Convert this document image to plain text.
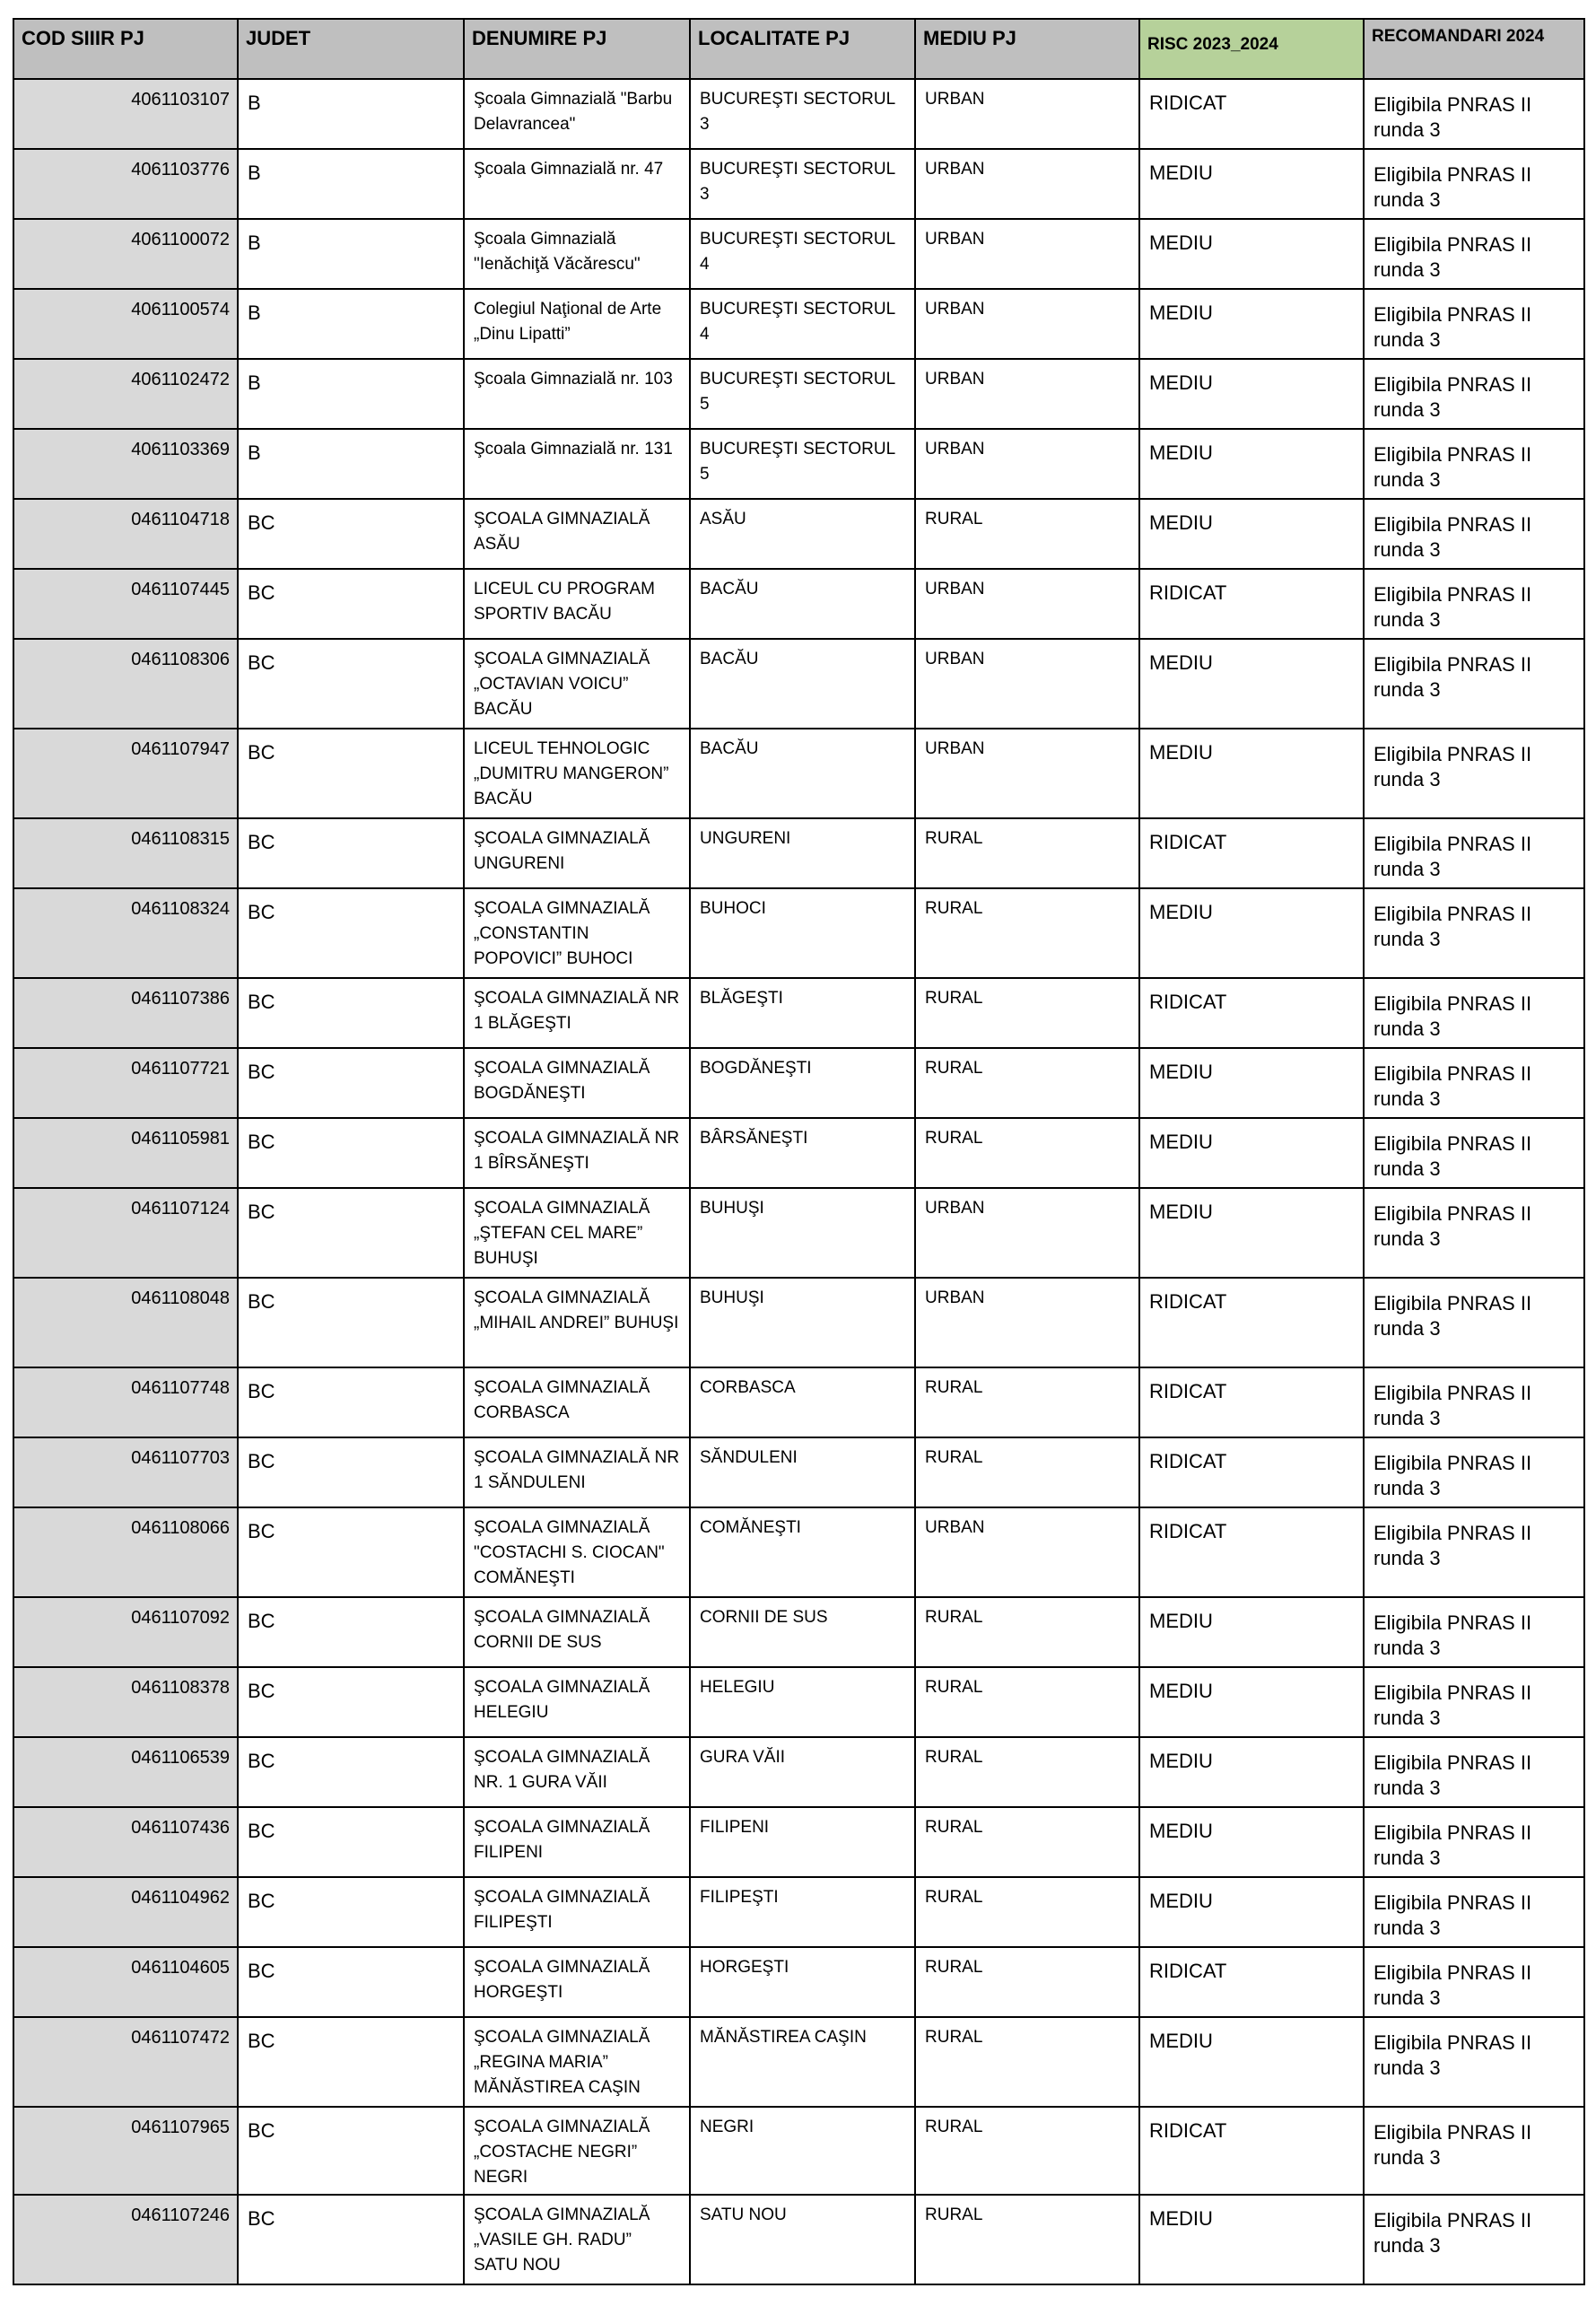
COD SIIIR PJ	JUDET	DENUMIRE PJ	LOCALITATE PJ	MEDIU PJ	RISC 2023_2024	RECOMANDARI 2024
4061103107	B	Şcoala Gimnazială "Barbu Delavrancea"	BUCUREŞTI SECTORUL 3	URBAN	RIDICAT	Eligibila PNRAS II runda 3
4061103776	B	Şcoala Gimnazială nr. 47	BUCUREŞTI SECTORUL 3	URBAN	MEDIU	Eligibila PNRAS II runda 3
4061100072	B	Şcoala Gimnazială "Ienăchiţă Văcărescu"	BUCUREŞTI SECTORUL 4	URBAN	MEDIU	Eligibila PNRAS II runda 3
4061100574	B	Colegiul Naţional de Arte „Dinu Lipatti”	BUCUREŞTI SECTORUL 4	URBAN	MEDIU	Eligibila PNRAS II runda 3
4061102472	B	Şcoala Gimnazială nr. 103	BUCUREŞTI SECTORUL 5	URBAN	MEDIU	Eligibila PNRAS II runda 3
4061103369	B	Şcoala Gimnazială nr. 131	BUCUREŞTI SECTORUL 5	URBAN	MEDIU	Eligibila PNRAS II runda 3
0461104718	BC	ŞCOALA GIMNAZIALĂ ASĂU	ASĂU	RURAL	MEDIU	Eligibila PNRAS II runda 3
0461107445	BC	LICEUL CU PROGRAM SPORTIV BACĂU	BACĂU	URBAN	RIDICAT	Eligibila PNRAS II runda 3
0461108306	BC	ŞCOALA GIMNAZIALĂ „OCTAVIAN VOICU” BACĂU	BACĂU	URBAN	MEDIU	Eligibila PNRAS II runda 3
0461107947	BC	LICEUL TEHNOLOGIC „DUMITRU MANGERON” BACĂU	BACĂU	URBAN	MEDIU	Eligibila PNRAS II runda 3
0461108315	BC	ŞCOALA GIMNAZIALĂ UNGURENI	UNGURENI	RURAL	RIDICAT	Eligibila PNRAS II runda 3
0461108324	BC	ŞCOALA GIMNAZIALĂ „CONSTANTIN POPOVICI” BUHOCI	BUHOCI	RURAL	MEDIU	Eligibila PNRAS II runda 3
0461107386	BC	ŞCOALA GIMNAZIALĂ NR 1 BLĂGEŞTI	BLĂGEŞTI	RURAL	RIDICAT	Eligibila PNRAS II runda 3
0461107721	BC	ŞCOALA GIMNAZIALĂ BOGDĂNEŞTI	BOGDĂNEŞTI	RURAL	MEDIU	Eligibila PNRAS II runda 3
0461105981	BC	ŞCOALA GIMNAZIALĂ NR 1 BÎRSĂNEŞTI	BÂRSĂNEŞTI	RURAL	MEDIU	Eligibila PNRAS II runda 3
0461107124	BC	ŞCOALA GIMNAZIALĂ „ŞTEFAN CEL MARE” BUHUŞI	BUHUŞI	URBAN	MEDIU	Eligibila PNRAS II runda 3
0461108048	BC	ŞCOALA GIMNAZIALĂ „MIHAIL ANDREI” BUHUŞI	BUHUŞI	URBAN	RIDICAT	Eligibila PNRAS II runda 3
0461107748	BC	ŞCOALA GIMNAZIALĂ CORBASCA	CORBASCA	RURAL	RIDICAT	Eligibila PNRAS II runda 3
0461107703	BC	ŞCOALA GIMNAZIALĂ NR 1 SĂNDULENI	SĂNDULENI	RURAL	RIDICAT	Eligibila PNRAS II runda 3
0461108066	BC	ŞCOALA GIMNAZIALĂ "COSTACHI S. CIOCAN" COMĂNEŞTI	COMĂNEŞTI	URBAN	RIDICAT	Eligibila PNRAS II runda 3
0461107092	BC	ŞCOALA GIMNAZIALĂ CORNII DE SUS	CORNII DE SUS	RURAL	MEDIU	Eligibila PNRAS II runda 3
0461108378	BC	ŞCOALA GIMNAZIALĂ HELEGIU	HELEGIU	RURAL	MEDIU	Eligibila PNRAS II runda 3
0461106539	BC	ŞCOALA GIMNAZIALĂ NR. 1 GURA VĂII	GURA VĂII	RURAL	MEDIU	Eligibila PNRAS II runda 3
0461107436	BC	ŞCOALA GIMNAZIALĂ FILIPENI	FILIPENI	RURAL	MEDIU	Eligibila PNRAS II runda 3
0461104962	BC	ŞCOALA GIMNAZIALĂ FILIPEŞTI	FILIPEŞTI	RURAL	MEDIU	Eligibila PNRAS II runda 3
0461104605	BC	ŞCOALA GIMNAZIALĂ HORGEŞTI	HORGEŞTI	RURAL	RIDICAT	Eligibila PNRAS II runda 3
0461107472	BC	ŞCOALA GIMNAZIALĂ „REGINA MARIA” MĂNĂSTIREA CAŞIN	MĂNĂSTIREA CAŞIN	RURAL	MEDIU	Eligibila PNRAS II runda 3
0461107965	BC	ŞCOALA GIMNAZIALĂ „COSTACHE NEGRI” NEGRI	NEGRI	RURAL	RIDICAT	Eligibila PNRAS II runda 3
0461107246	BC	ŞCOALA GIMNAZIALĂ „VASILE GH. RADU” SATU NOU	SATU NOU	RURAL	MEDIU	Eligibila PNRAS II runda 3
